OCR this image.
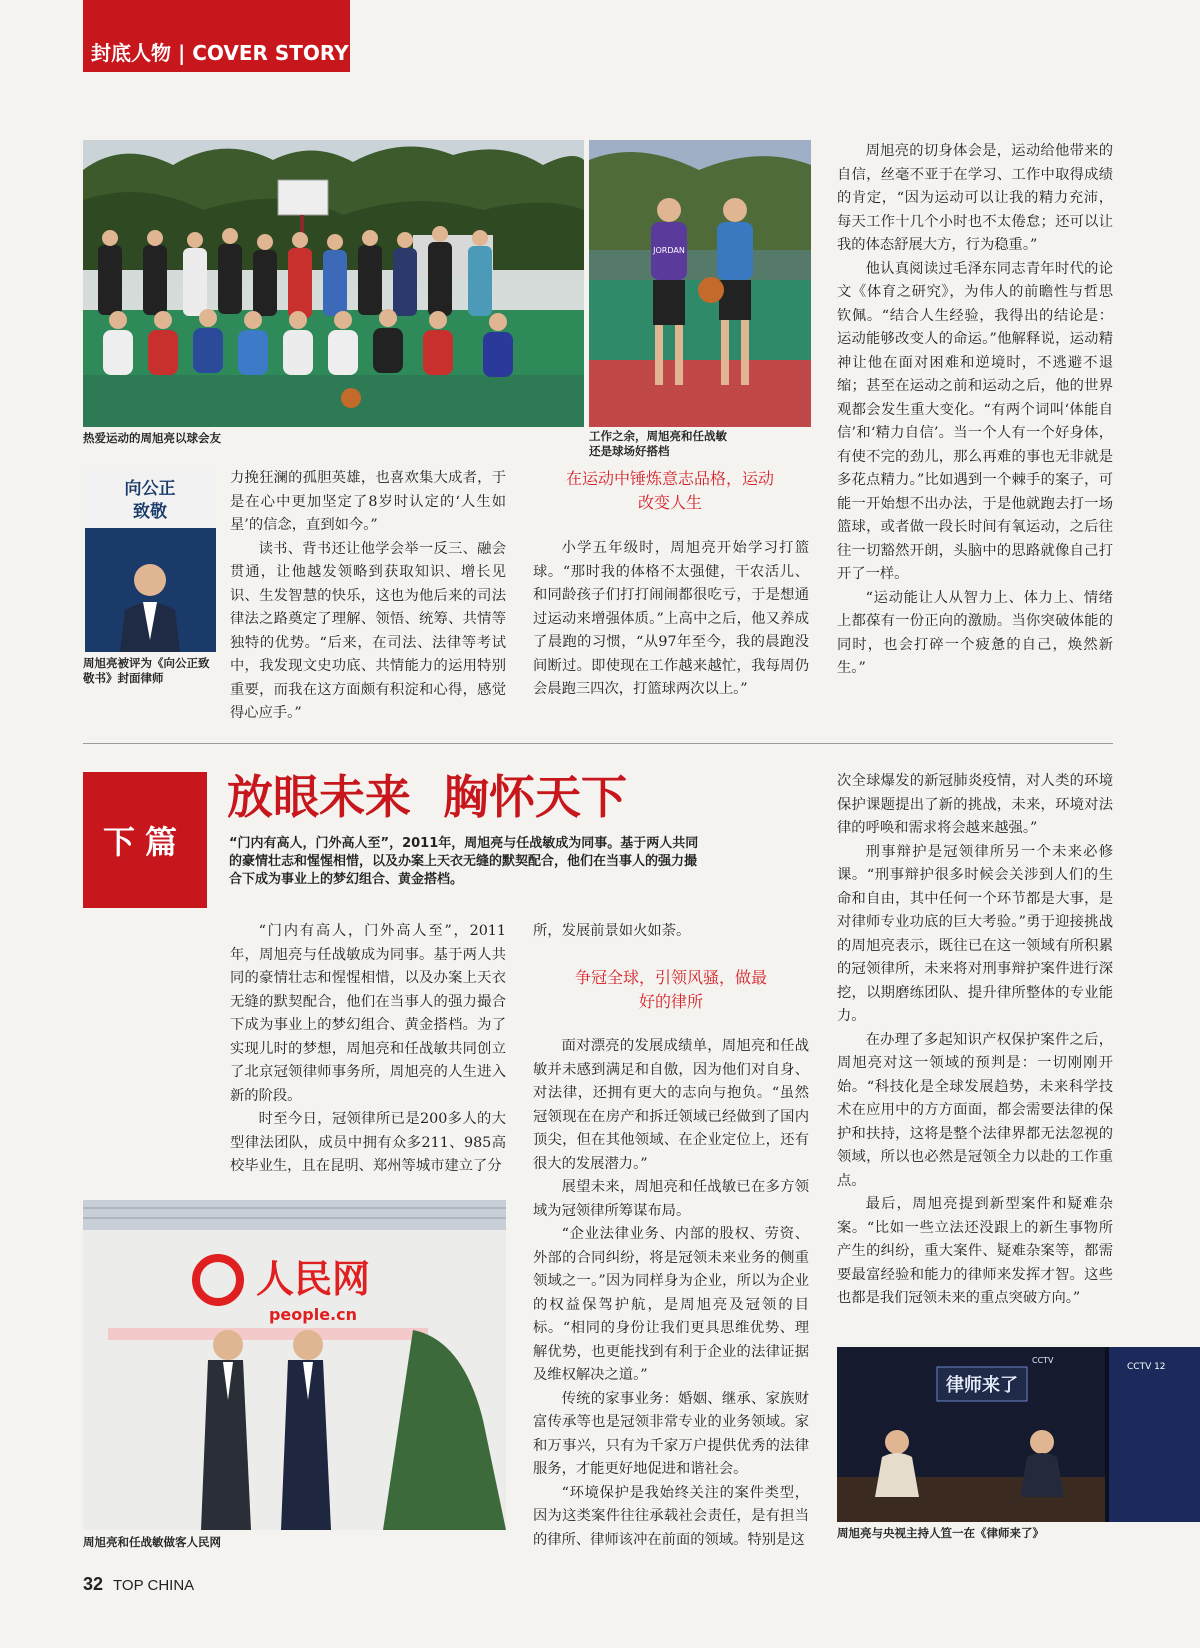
封底人物 | COVER STORY
热爱运动的周旭亮以球会友
JORDAN
工作之余，周旭亮和任战敏还是球场好搭档
向公正
致敬
周旭亮被评为《向公正致敬书》封面律师

力挽狂澜的孤胆英雄，也喜欢集大成者，于是在心中更加坚定了8岁时认定的‘人生如星’的信念，直到如今。”

读书、背书还让他学会举一反三、融会贯通，让他越发领略到获取知识、增长见识、生发智慧的快乐，这也为他后来的司法律法之路奠定了理解、领悟、统筹、共情等独特的优势。“后来，在司法、法律等考试中，我发现文史功底、共情能力的运用特别重要，而我在这方面颇有积淀和心得，感觉得心应手。”

在运动中锤炼意志品格，运动改变人生

小学五年级时，周旭亮开始学习打篮球。“那时我的体格不太强健，干农活儿、和同龄孩子们打打闹闹都很吃亏，于是想通过运动来增强体质。”上高中之后，他又养成了晨跑的习惯，“从97年至今，我的晨跑没间断过。即使现在工作越来越忙，我每周仍会晨跑三四次，打篮球两次以上。”

周旭亮的切身体会是，运动给他带来的自信，丝毫不亚于在学习、工作中取得成绩的肯定，“因为运动可以让我的精力充沛，每天工作十几个小时也不太倦怠；还可以让我的体态舒展大方，行为稳重。”

他认真阅读过毛泽东同志青年时代的论文《体育之研究》，为伟人的前瞻性与哲思钦佩。“结合人生经验，我得出的结论是：运动能够改变人的命运。”他解释说，运动精神让他在面对困难和逆境时，不逃避不退缩；甚至在运动之前和运动之后，他的世界观都会发生重大变化。“有两个词叫‘体能自信’和‘精力自信’。当一个人有一个好身体，有使不完的劲儿，那么再难的事也无非就是多花点精力。”比如遇到一个棘手的案子，可能一开始想不出办法，于是他就跑去打一场篮球，或者做一段长时间有氧运动，之后往往一切豁然开朗，头脑中的思路就像自己打开了一样。

“运动能让人从智力上、体力上、情绪上都葆有一份正向的激励。当你突破体能的同时，也会打碎一个疲惫的自己，焕然新生。”

下篇
放眼未来  胸怀天下
“门内有高人，门外高人至”，2011年，周旭亮与任战敏成为同事。基于两人共同的豪情壮志和惺惺相惜，以及办案上天衣无缝的默契配合，他们在当事人的强力撮合下成为事业上的梦幻组合、黄金搭档。

“门内有高人，门外高人至”，2011年，周旭亮与任战敏成为同事。基于两人共同的豪情壮志和惺惺相惜，以及办案上天衣无缝的默契配合，他们在当事人的强力撮合下成为事业上的梦幻组合、黄金搭档。为了实现儿时的梦想，周旭亮和任战敏共同创立了北京冠领律师事务所，周旭亮的人生进入新的阶段。

时至今日，冠领律所已是200多人的大型律法团队，成员中拥有众多211、985高校毕业生，且在昆明、郑州等城市建立了分

人民网
people.cn
周旭亮和任战敏做客人民网

所，发展前景如火如荼。

争冠全球，引领风骚，做最好的律所

面对漂亮的发展成绩单，周旭亮和任战敏并未感到满足和自傲，因为他们对自身、对法律，还拥有更大的志向与抱负。“虽然冠领现在在房产和拆迁领域已经做到了国内顶尖，但在其他领域、在企业定位上，还有很大的发展潜力。”

展望未来，周旭亮和任战敏已在多方领域为冠领律所筹谋布局。

“企业法律业务、内部的股权、劳资、外部的合同纠纷，将是冠领未来业务的侧重领域之一。”因为同样身为企业，所以为企业的权益保驾护航，是周旭亮及冠领的目标。“相同的身份让我们更具思维优势、理解优势，也更能找到有利于企业的法律证据及维权解决之道。”

传统的家事业务：婚姻、继承、家族财富传承等也是冠领非常专业的业务领域。家和万事兴，只有为千家万户提供优秀的法律服务，才能更好地促进和谐社会。

“环境保护是我始终关注的案件类型，因为这类案件往往承载社会责任，是有担当的律所、律师该冲在前面的领域。特别是这

次全球爆发的新冠肺炎疫情，对人类的环境保护课题提出了新的挑战，未来，环境对法律的呼唤和需求将会越来越强。”

刑事辩护是冠领律所另一个未来必修课。“刑事辩护很多时候会关涉到人们的生命和自由，其中任何一个环节都是大事，是对律师专业功底的巨大考验。”勇于迎接挑战的周旭亮表示，既往已在这一领域有所积累的冠领律所，未来将对刑事辩护案件进行深挖，以期磨练团队、提升律所整体的专业能力。

在办理了多起知识产权保护案件之后，周旭亮对这一领域的预判是：一切刚刚开始。“科技化是全球发展趋势，未来科学技术在应用中的方方面面，都会需要法律的保护和扶持，这将是整个法律界都无法忽视的领域，所以也必然是冠领全力以赴的工作重点。

最后，周旭亮提到新型案件和疑难杂案。“比如一些立法还没跟上的新生事物所产生的纠纷，重大案件、疑难杂案等，都需要最富经验和能力的律师来发挥才智。这些也都是我们冠领未来的重点突破方向。”

律师来了
CCTV
CCTV 12
周旭亮与央视主持人笪一在《律师来了》
32 TOP CHINA
